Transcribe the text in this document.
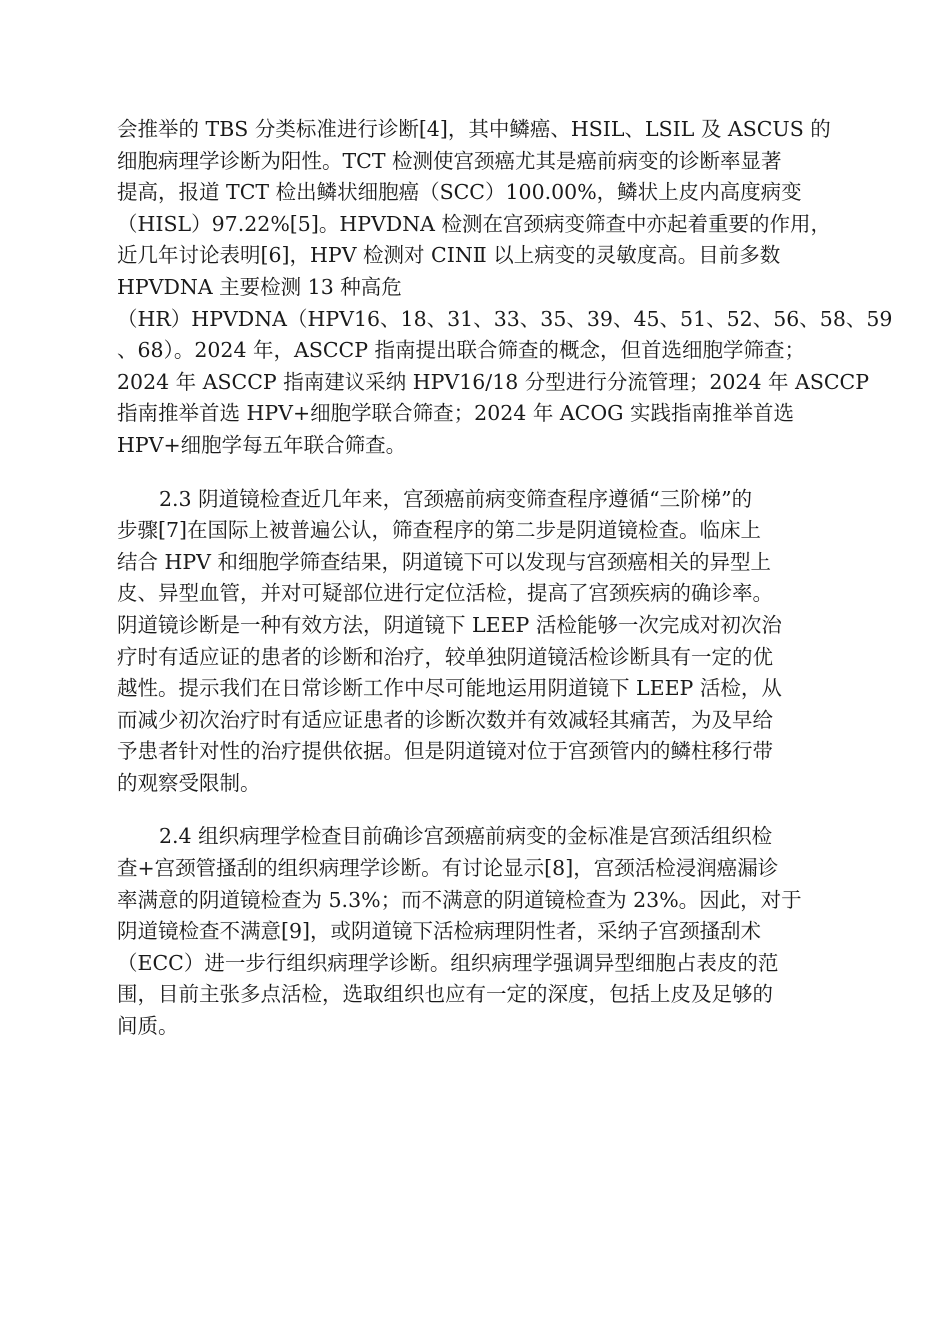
会推举的 TBS 分类标准进行诊断[4]，其中鳞癌、HSIL、LSIL 及 ASCUS 的
细胞病理学诊断为阳性。TCT 检测使宫颈癌尤其是癌前病变的诊断率显著
提高，报道 TCT 检出鳞状细胞癌（SCC）100.00%，鳞状上皮内高度病变
（HISL）97.22%[5]。HPVDNA 检测在宫颈病变筛查中亦起着重要的作用，
近几年讨论表明[6]，HPV 检测对 CINⅡ 以上病变的灵敏度高。目前多数
HPVDNA 主要检测 13 种高危
（HR）HPVDNA（HPV16、18、31、33、35、39、45、51、52、56、58、59
、68）。2024 年，ASCCP 指南提出联合筛查的概念，但首选细胞学筛查；
2024 年 ASCCP 指南建议采纳 HPV16/18 分型进行分流管理；2024 年 ASCCP
指南推举首选 HPV+细胞学联合筛查；2024 年 ACOG 实践指南推举首选
HPV+细胞学每五年联合筛查。
2.3 阴道镜检查近几年来，宫颈癌前病变筛查程序遵循“三阶梯”的
步骤[7]在国际上被普遍公认，筛查程序的第二步是阴道镜检查。临床上
结合 HPV 和细胞学筛查结果，阴道镜下可以发现与宫颈癌相关的异型上
皮、异型血管，并对可疑部位进行定位活检，提高了宫颈疾病的确诊率。
阴道镜诊断是一种有效方法，阴道镜下 LEEP 活检能够一次完成对初次治
疗时有适应证的患者的诊断和治疗，较单独阴道镜活检诊断具有一定的优
越性。提示我们在日常诊断工作中尽可能地运用阴道镜下 LEEP 活检，从
而减少初次治疗时有适应证患者的诊断次数并有效减轻其痛苦，为及早给
予患者针对性的治疗提供依据。但是阴道镜对位于宫颈管内的鳞柱移行带
的观察受限制。
2.4 组织病理学检查目前确诊宫颈癌前病变的金标准是宫颈活组织检
查+宫颈管搔刮的组织病理学诊断。有讨论显示[8]，宫颈活检浸润癌漏诊
率满意的阴道镜检查为 5.3%；而不满意的阴道镜检查为 23%。因此，对于
阴道镜检查不满意[9]，或阴道镜下活检病理阴性者，采纳子宫颈搔刮术
（ECC）进一步行组织病理学诊断。组织病理学强调异型细胞占表皮的范
围，目前主张多点活检，选取组织也应有一定的深度，包括上皮及足够的
间质。
